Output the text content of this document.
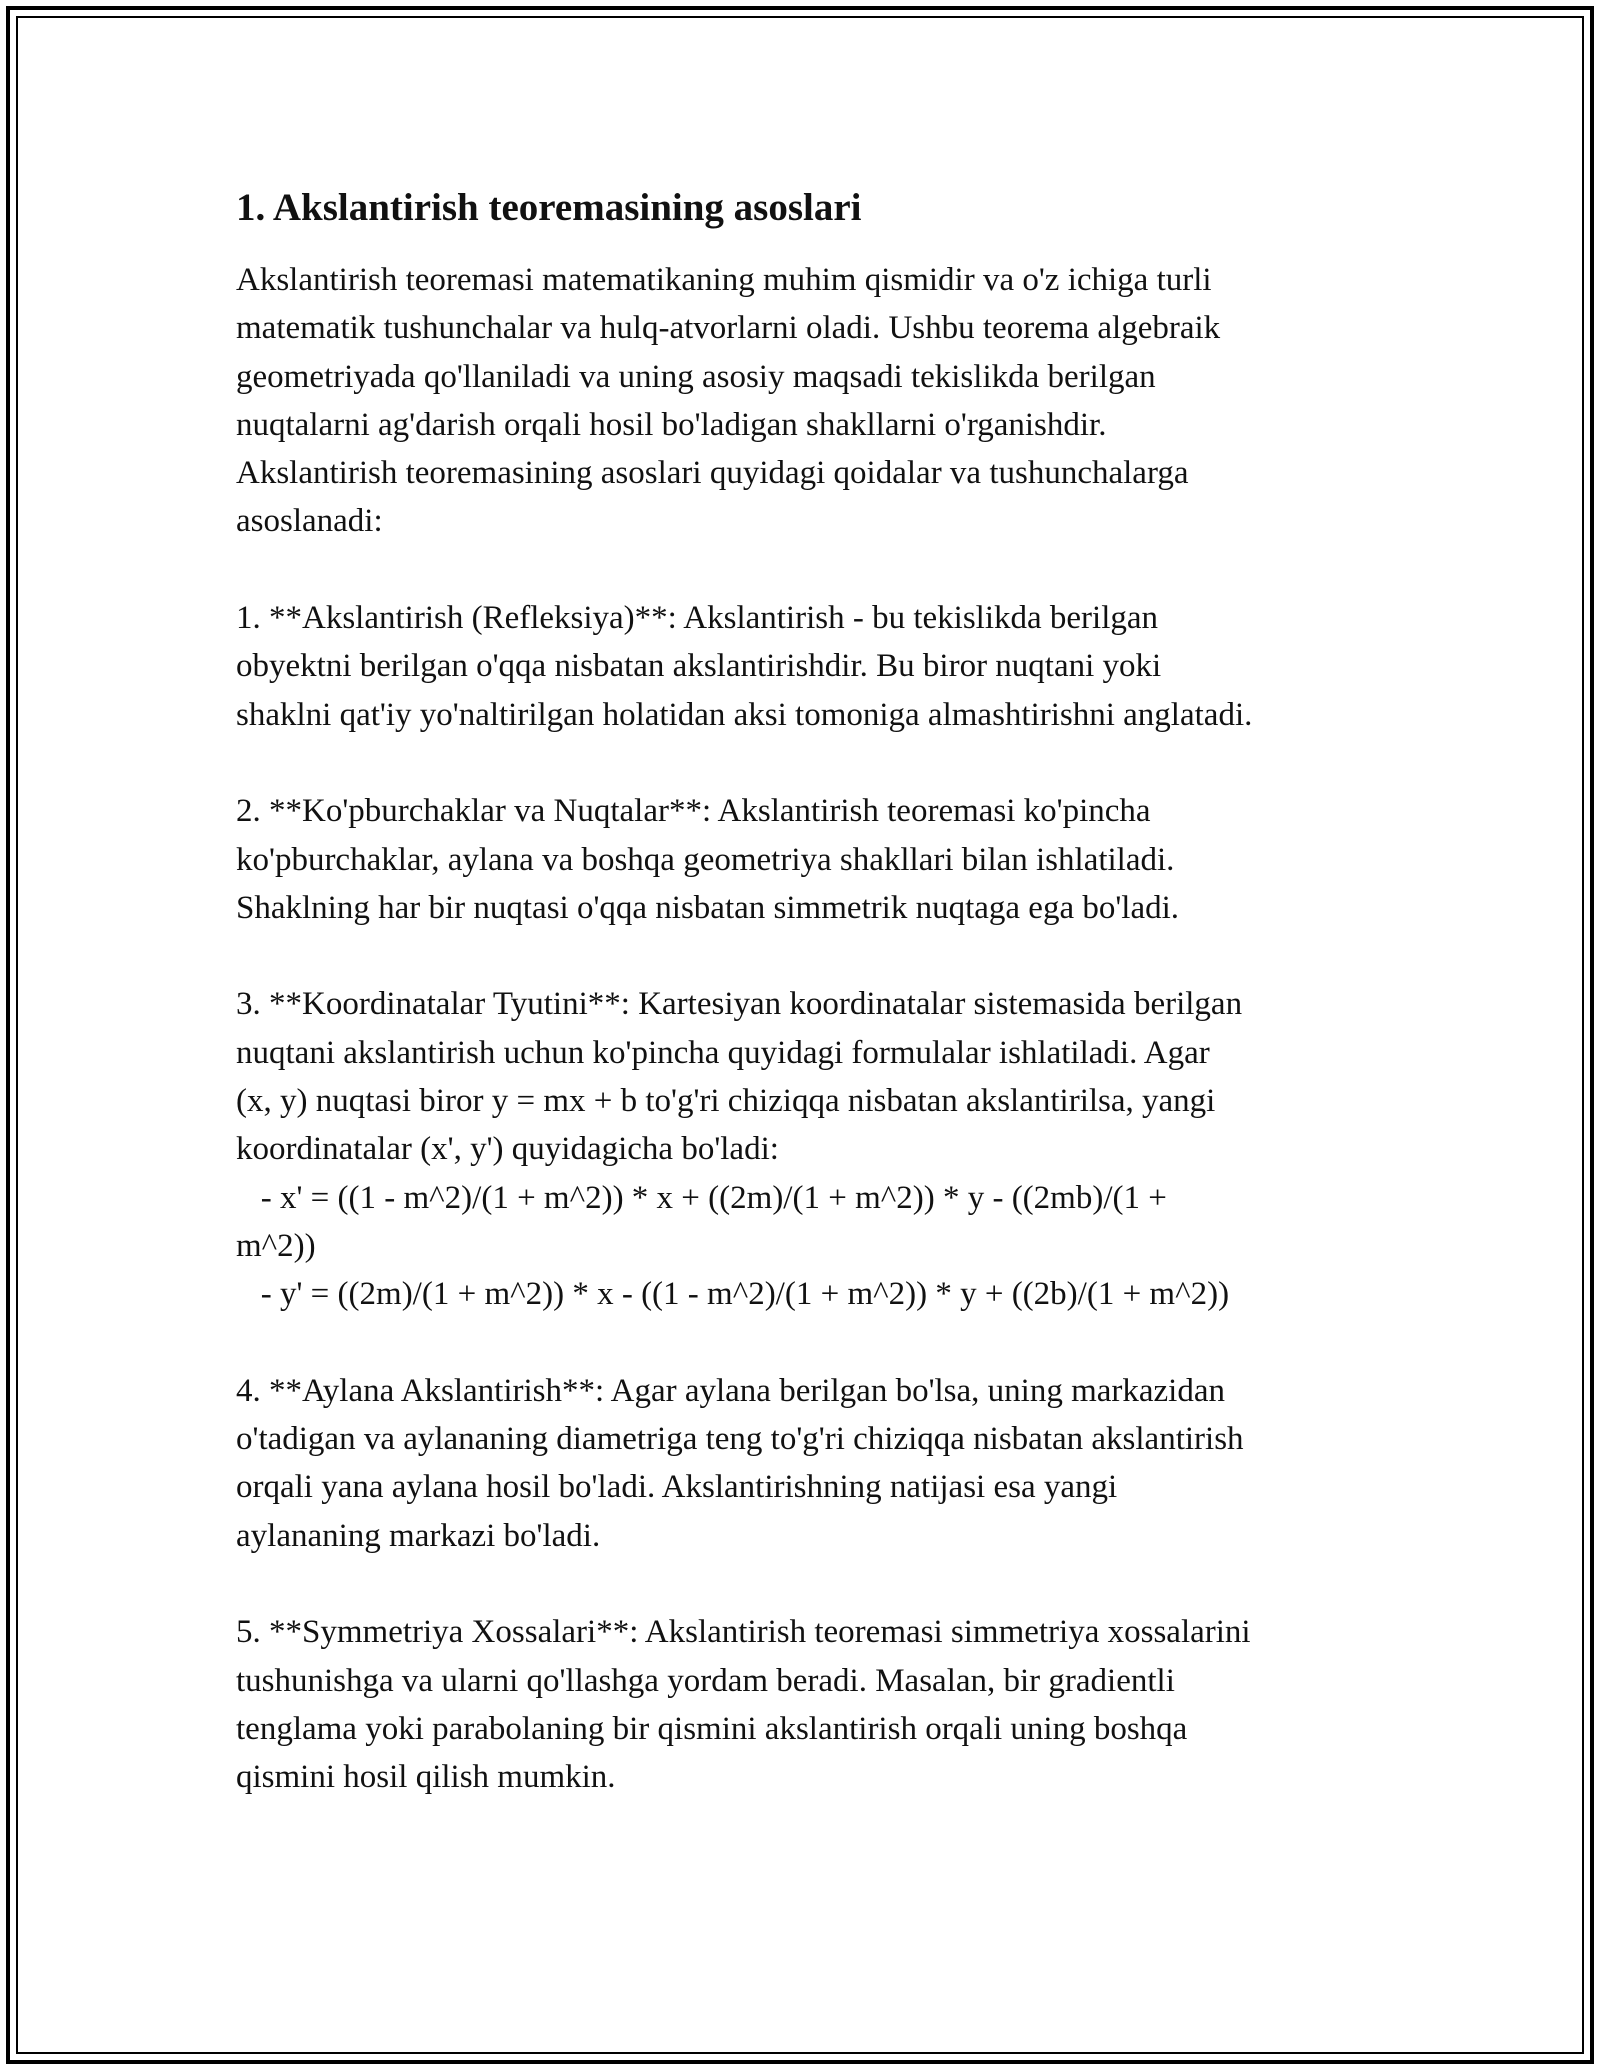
1. Akslantirish teoremasining asoslari

Akslantirish teoremasi matematikaning muhim qismidir va o'z ichiga turli
matematik tushunchalar va hulq-atvorlarni oladi. Ushbu teorema algebraik
geometriyada qo'llaniladi va uning asosiy maqsadi tekislikda berilgan
nuqtalarni ag'darish orqali hosil bo'ladigan shakllarni o'rganishdir.
Akslantirish teoremasining asoslari quyidagi qoidalar va tushunchalarga
asoslanadi:

1. **Akslantirish (Refleksiya)**: Akslantirish - bu tekislikda berilgan
obyektni berilgan o'qqa nisbatan akslantirishdir. Bu biror nuqtani yoki
shaklni qat'iy yo'naltirilgan holatidan aksi tomoniga almashtirishni anglatadi.

2. **Ko'pburchaklar va Nuqtalar**: Akslantirish teoremasi ko'pincha
ko'pburchaklar, aylana va boshqa geometriya shakllari bilan ishlatiladi.
Shaklning har bir nuqtasi o'qqa nisbatan simmetrik nuqtaga ega bo'ladi.

3. **Koordinatalar Tyutini**: Kartesiyan koordinatalar sistemasida berilgan
nuqtani akslantirish uchun ko'pincha quyidagi formulalar ishlatiladi. Agar
(x, y) nuqtasi biror y = mx + b to'g'ri chiziqqa nisbatan akslantirilsa, yangi
koordinatalar (x', y') quyidagicha bo'ladi:
- x' = ((1 - m^2)/(1 + m^2)) * x + ((2m)/(1 + m^2)) * y - ((2mb)/(1 +
m^2))
- y' = ((2m)/(1 + m^2)) * x - ((1 - m^2)/(1 + m^2)) * y + ((2b)/(1 + m^2))

4. **Aylana Akslantirish**: Agar aylana berilgan bo'lsa, uning markazidan
o'tadigan va aylananing diametriga teng to'g'ri chiziqqa nisbatan akslantirish
orqali yana aylana hosil bo'ladi. Akslantirishning natijasi esa yangi
aylananing markazi bo'ladi.

5. **Symmetriya Xossalari**: Akslantirish teoremasi simmetriya xossalarini
tushunishga va ularni qo'llashga yordam beradi. Masalan, bir gradientli
tenglama yoki parabolaning bir qismini akslantirish orqali uning boshqa
qismini hosil qilish mumkin.
